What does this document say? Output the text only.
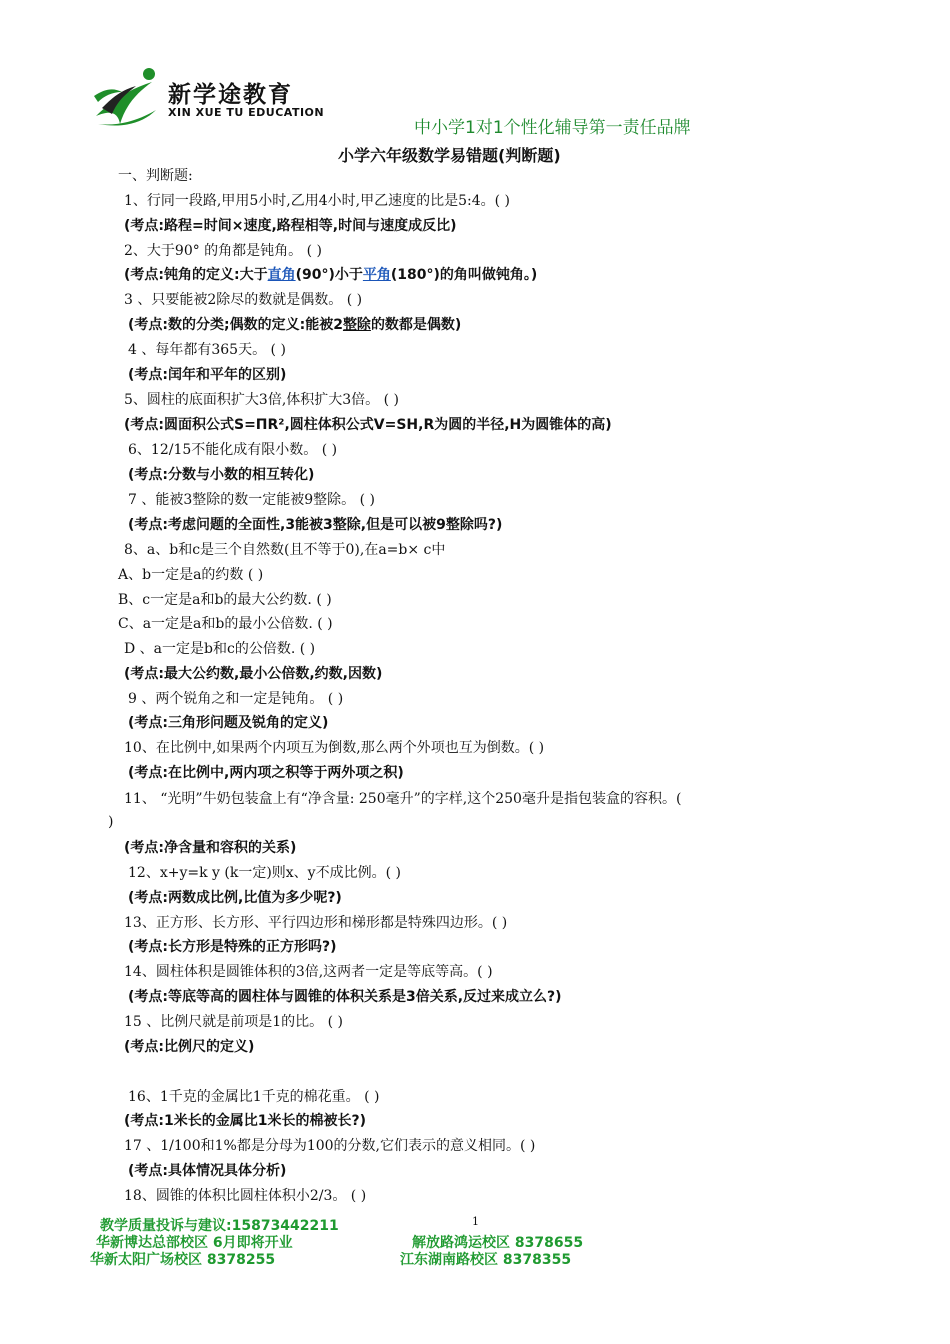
新学途教育
XIN XUE TU EDUCATION
中小学1对1个性化辅导第一责任品牌
小学六年级数学易错题(判断题)
一、判断题:
1、行同一段路,甲用5小时,乙用4小时,甲乙速度的比是5:4。( )
(考点:路程=时间×速度,路程相等,时间与速度成反比)
2、大于90° 的角都是钝角。 ( )
(考点:钝角的定义:大于直角(90°)小于平角(180°)的角叫做钝角。)
3 、只要能被2除尽的数就是偶数。 ( )
(考点:数的分类;偶数的定义:能被2整除的数都是偶数)
4 、每年都有365天。 ( )
(考点:闰年和平年的区别)
5、圆柱的底面积扩大3倍,体积扩大3倍。 ( )
(考点:圆面积公式S=ΠR²,圆柱体积公式V=SH,R为圆的半径,H为圆锥体的高)
6、12/15不能化成有限小数。 ( )
(考点:分数与小数的相互转化)
7 、能被3整除的数一定能被9整除。 ( )
(考点:考虑问题的全面性,3能被3整除,但是可以被9整除吗?)
8、a、b和c是三个自然数(且不等于0),在a=b× c中
A、b一定是a的约数 ( )
B、c一定是a和b的最大公约数. ( )
C、a一定是a和b的最小公倍数. ( )
D 、a一定是b和c的公倍数. ( )
(考点:最大公约数,最小公倍数,约数,因数)
9 、两个锐角之和一定是钝角。 ( )
(考点:三角形问题及锐角的定义)
10、在比例中,如果两个内项互为倒数,那么两个外项也互为倒数。( )
(考点:在比例中,两内项之积等于两外项之积)
11、 “光明”牛奶包装盒上有“净含量: 250毫升”的字样,这个250毫升是指包装盒的容积。(
)
(考点:净含量和容积的关系)
12、x+y=k y (k一定)则x、y不成比例。( )
(考点:两数成比例,比值为多少呢?)
13、正方形、长方形、平行四边形和梯形都是特殊四边形。( )
(考点:长方形是特殊的正方形吗?)
14、圆柱体积是圆锥体积的3倍,这两者一定是等底等高。( )
(考点:等底等高的圆柱体与圆锥的体积关系是3倍关系,反过来成立么?)
15 、比例尺就是前项是1的比。 ( )
(考点:比例尺的定义)
16、1千克的金属比1千克的棉花重。 ( )
(考点:1米长的金属比1米长的棉被长?)
17 、1/100和1%都是分母为100的分数,它们表示的意义相同。( )
(考点:具体情况具体分析)
18、圆锥的体积比圆柱体积小2/3。 ( )
1
教学质量投诉与建议:15873442211
华新博达总部校区 6月即将开业	解放路鸿运校区 8378655
华新太阳广场校区 8378255	江东湖南路校区 8378355
